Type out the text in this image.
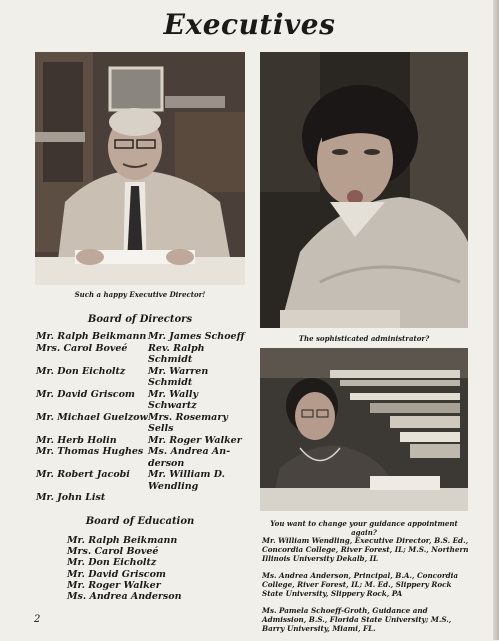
Executives
Such a happy Executive Director!
The sophisticated administrator?
You want to change your guidance appointment again?
Board of Directors
Mr. Ralph Beikmann
Mrs. Carol Boveé

Mr. Don Eicholtz

Mr. David Griscom

Mr. Michael Guelzow

Mr. Herb Holin
Mr. Thomas Hughes

Mr. Robert Jacobi

Mr. John List
Mr. James Schoeff
Rev. Ralph
Schmidt
Mr. Warren
Schmidt
Mr. Wally
Schwartz
Mrs. Rosemary
Sells
Mr. Roger Walker
Ms. Andrea An-
derson
Mr. William D.
Wendling
Board of Education
Mr. Ralph Beikmann
Mrs. Carol Boveé
Mr. Don Eicholtz
Mr. David Griscom
Mr. Roger Walker
Ms. Andrea Anderson

Mr. William Wendling, Executive Director, B.S. Ed., Concordia College, River Forest, IL; M.S., Northern Illinois University Dekalb, IL

Ms. Andrea Anderson, Principal, B.A., Concordia College, River Forest, IL; M. Ed., Slippery Rock State University, Slippery Rock, PA

Ms. Pamela Schoeff-Groth, Guidance and Admission, B.S., Florida State University; M.S., Barry University, Miami, FL.

2
